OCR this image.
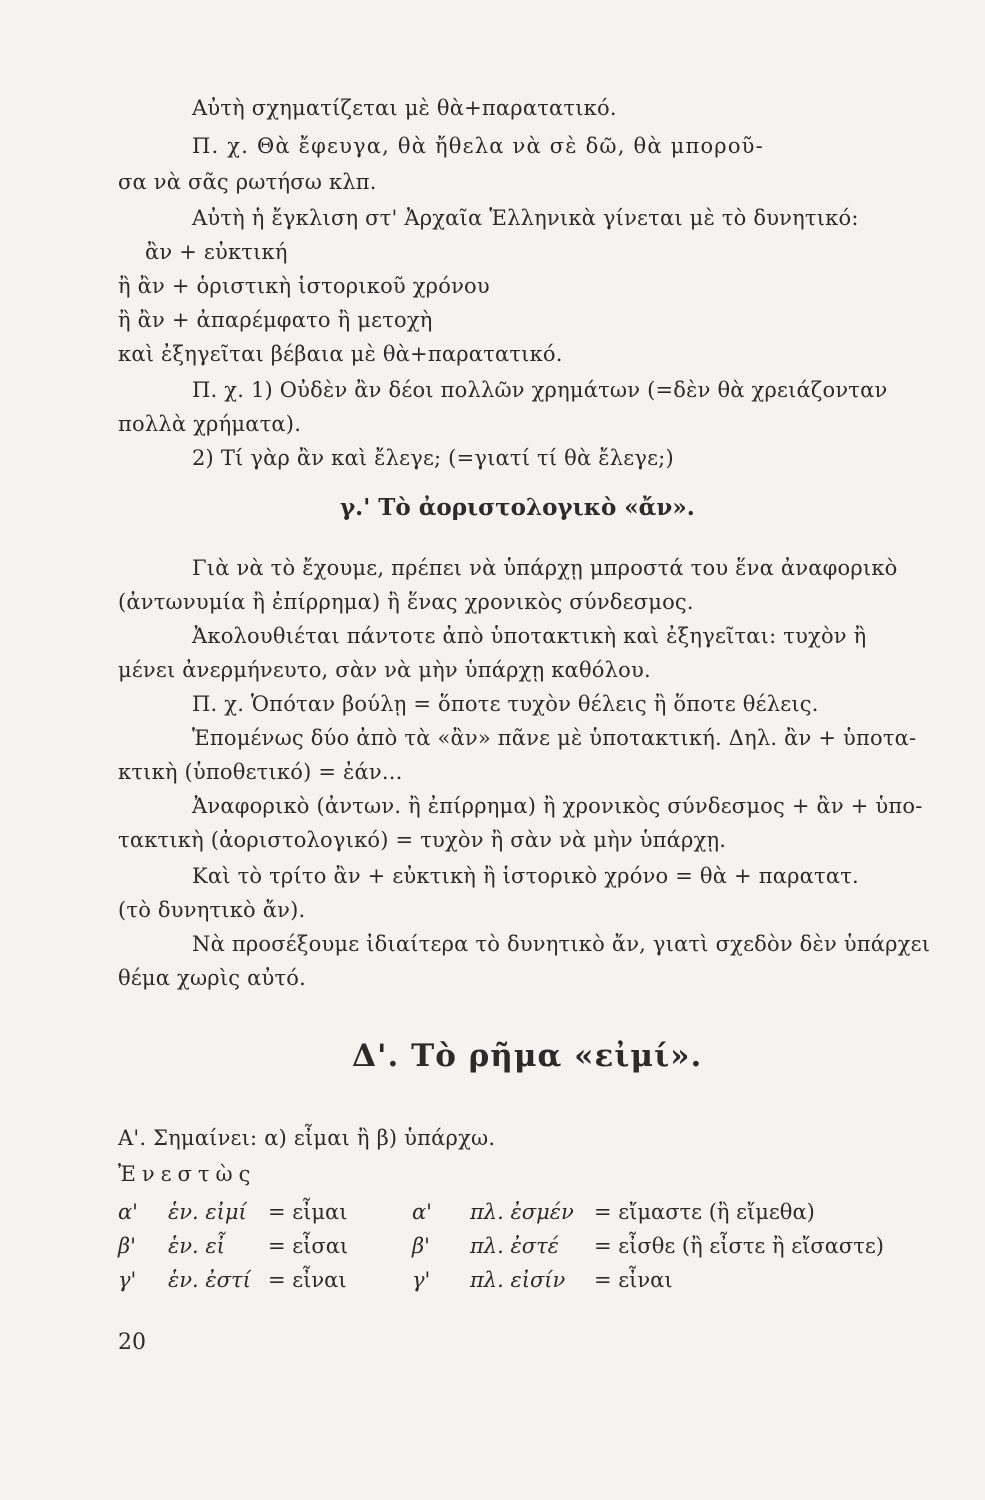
Αὐτὴ σχηματίζεται μὲ θὰ+παρατατικό.
Π. χ. Θὰ ἔφευγα, θὰ ἤθελα νὰ σὲ δῶ, θὰ μποροῦ-
σα νὰ σᾶς ρωτήσω κλπ.
Αὐτὴ ἡ ἔγκλιση στ' Ἀρχαῖα Ἑλληνικὰ γίνεται μὲ τὸ δυνητικό:
ἂν + εὐκτική
ἢ ἂν + ὁριστικὴ ἱστορικοῦ χρόνου
ἢ ἂν + ἀπαρέμφατο ἢ μετοχὴ
καὶ ἐξηγεῖται βέβαια μὲ θὰ+παρατατικό.
Π. χ. 1) Οὐδὲν ἂν δέοι πολλῶν χρημάτων (=δὲν θὰ χρειάζονταν
πολλὰ χρήματα).
2) Τί γὰρ ἂν καὶ ἔλεγε; (=γιατί τί θὰ ἔλεγε;)
γ.' Τὸ ἀοριστολογικὸ «ἄν».
Γιὰ νὰ τὸ ἔχουμε, πρέπει νὰ ὑπάρχῃ μπροστά του ἕνα ἀναφορικὸ
(ἀντωνυμία ἢ ἐπίρρημα) ἢ ἕνας χρονικὸς σύνδεσμος.
Ἀκολουθιέται πάντοτε ἀπὸ ὑποτακτικὴ καὶ ἐξηγεῖται: τυχὸν ἢ
μένει ἀνερμήνευτο, σὰν νὰ μὴν ὑπάρχῃ καθόλου.
Π. χ. Ὁπόταν βούλῃ = ὅποτε τυχὸν θέλεις ἢ ὅποτε θέλεις.
Ἑπομένως δύο ἀπὸ τὰ «ἂν» πᾶνε μὲ ὑποτακτική. Δηλ. ἂν + ὑποτα-
κτικὴ (ὑποθετικό) = ἐάν...
Ἀναφορικὸ (ἀντων. ἢ ἐπίρρημα) ἢ χρονικὸς σύνδεσμος + ἂν + ὑπο-
τακτικὴ (ἀοριστολογικό) = τυχὸν ἢ σὰν νὰ μὴν ὑπάρχῃ.
Καὶ τὸ τρίτο ἂν + εὐκτικὴ ἢ ἱστορικὸ χρόνο = θὰ + παρατατ.
(τὸ δυνητικὸ ἄν).
Νὰ προσέξουμε ἰδιαίτερα τὸ δυνητικὸ ἄν, γιατὶ σχεδὸν δὲν ὑπάρχει
θέμα χωρὶς αὐτό.
Δ'. Τὸ ρῆμα «εἰμί».
Α'. Σημαίνει: α) εἶμαι ἢ β) ὑπάρχω.
Ἐνεστὼς
α' ἑν. εἰμί = εἶμαι	α' πλ. ἐσμέν = εἴμαστε (ἢ εἴμεθα)
β' ἑν. εἶ = εἶσαι	β' πλ. ἐστέ = εἶσθε (ἢ εἶστε ἢ εἴσαστε)
γ' ἑν. ἐστί = εἶναι	γ' πλ. εἰσίν = εἶναι
20
